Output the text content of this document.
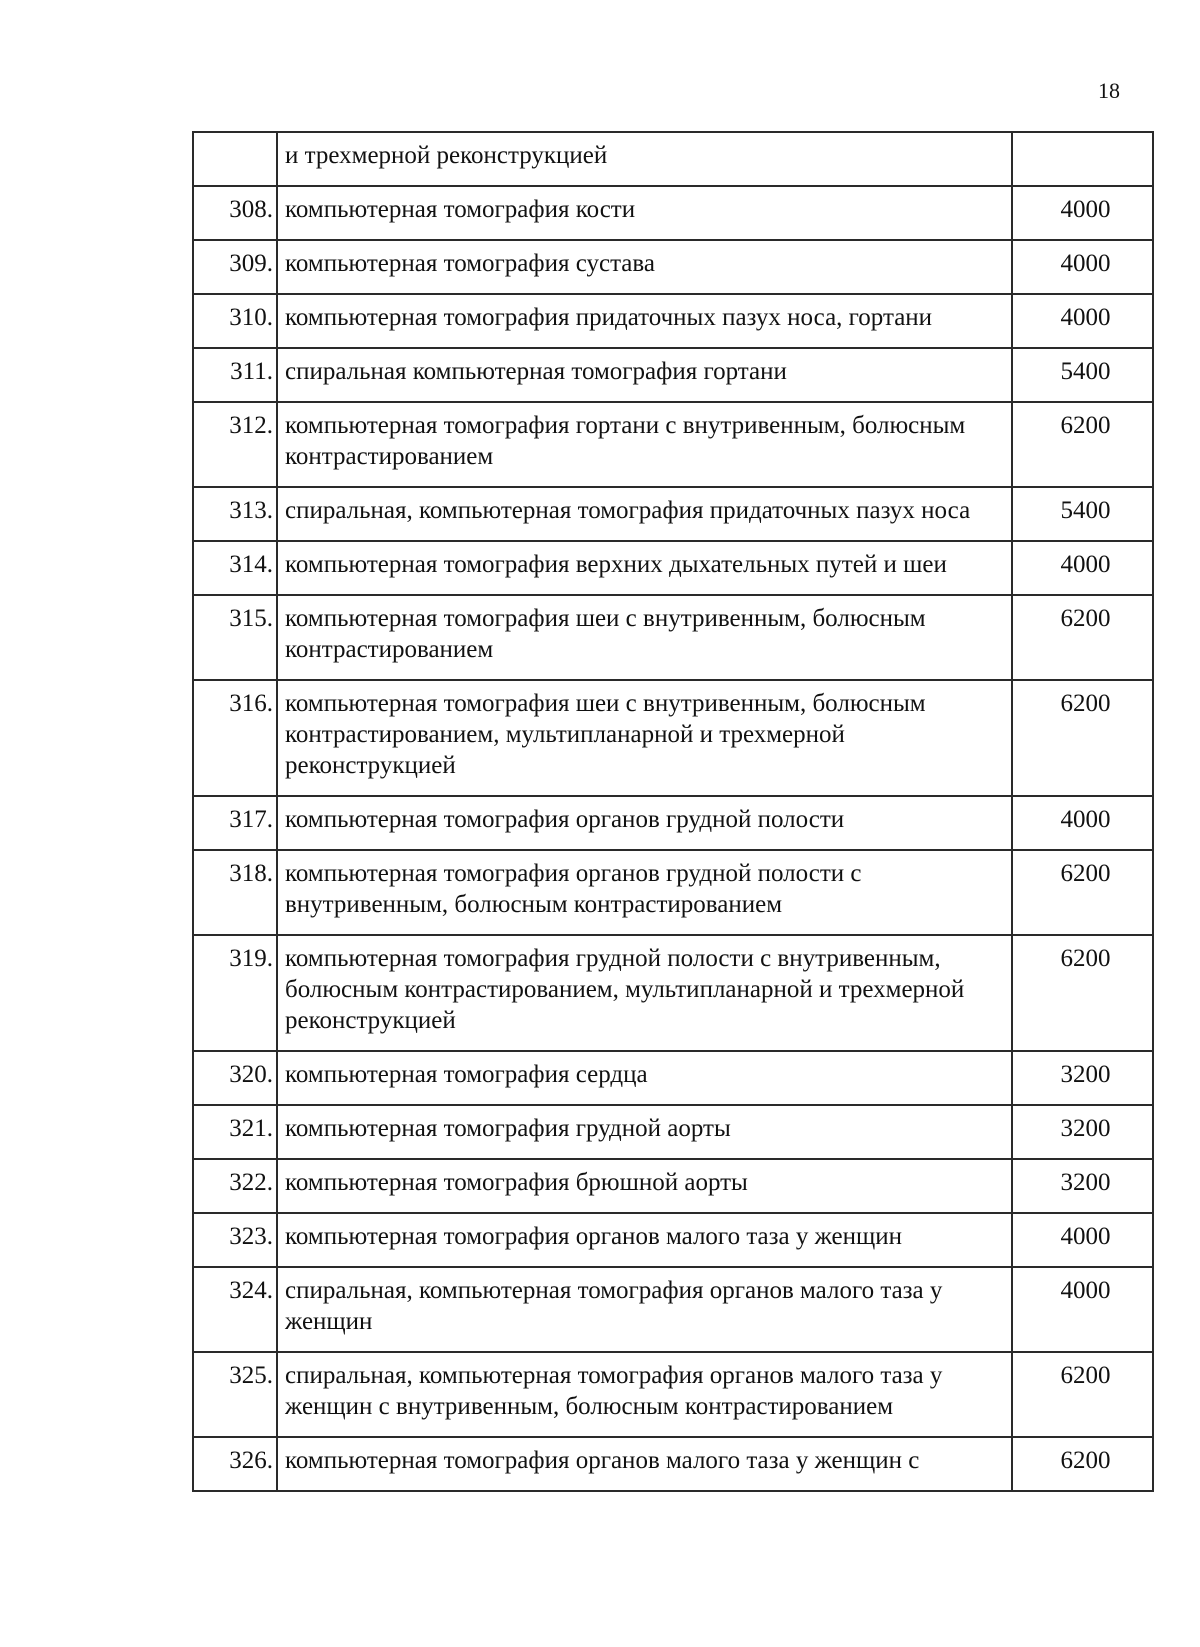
18
	и трехмерной реконструкцией	
308.	компьютерная томография кости	4000
309.	компьютерная томография сустава	4000
310.	компьютерная томография придаточных пазух носа, гортани	4000
311.	спиральная компьютерная томография гортани	5400
312.	компьютерная томография гортани с внутривенным, болюсным контрастированием	6200
313.	спиральная, компьютерная томография придаточных пазух носа	5400
314.	компьютерная томография верхних дыхательных путей и шеи	4000
315.	компьютерная томография шеи с внутривенным, болюсным контрастированием	6200
316.	компьютерная томография шеи с внутривенным, болюсным контрастированием, мультипланарной и трехмерной реконструкцией	6200
317.	компьютерная томография органов грудной полости	4000
318.	компьютерная томография органов грудной полости с внутривенным, болюсным контрастированием	6200
319.	компьютерная томография грудной полости с внутривенным, болюсным контрастированием, мультипланарной и трехмерной реконструкцией	6200
320.	компьютерная томография сердца	3200
321.	компьютерная томография грудной аорты	3200
322.	компьютерная томография брюшной аорты	3200
323.	компьютерная томография органов малого таза у женщин	4000
324.	спиральная, компьютерная томография органов малого таза у женщин	4000
325.	спиральная, компьютерная томография органов малого таза у женщин с внутривенным, болюсным контрастированием	6200
326.	компьютерная томография органов малого таза у женщин с	6200
